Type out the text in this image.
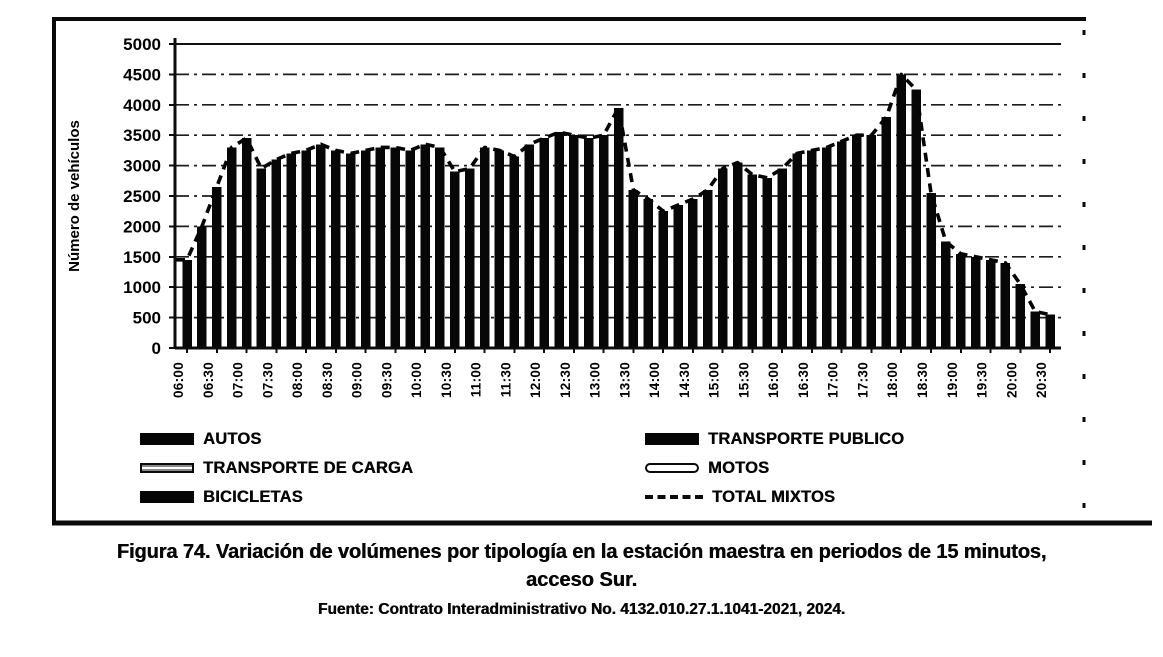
0
500
1000
1500
2000
2500
3000
3500
4000
4500
5000
06:00 06:30 07:00 07:30 08:00 08:30 09:00 09:30 10:00 10:30 11:00 11:30 12:00 12:30 13:00 13:30 14:00 14:30 15:00 15:30 16:00 16:30 17:00 17:30 18:00 18:30 19:00 19:30 20:00 20:30
Número de vehículos
AUTOS	TRANSPORTE PUBLICO
TRANSPORTE DE CARGA	MOTOS
BICICLETAS	TOTAL MIXTOS
Figura 74. Variación de volúmenes por tipología en la estación maestra en periodos de 15 minutos,
acceso Sur.
Fuente: Contrato Interadministrativo No. 4132.010.27.1.1041-2021, 2024.
